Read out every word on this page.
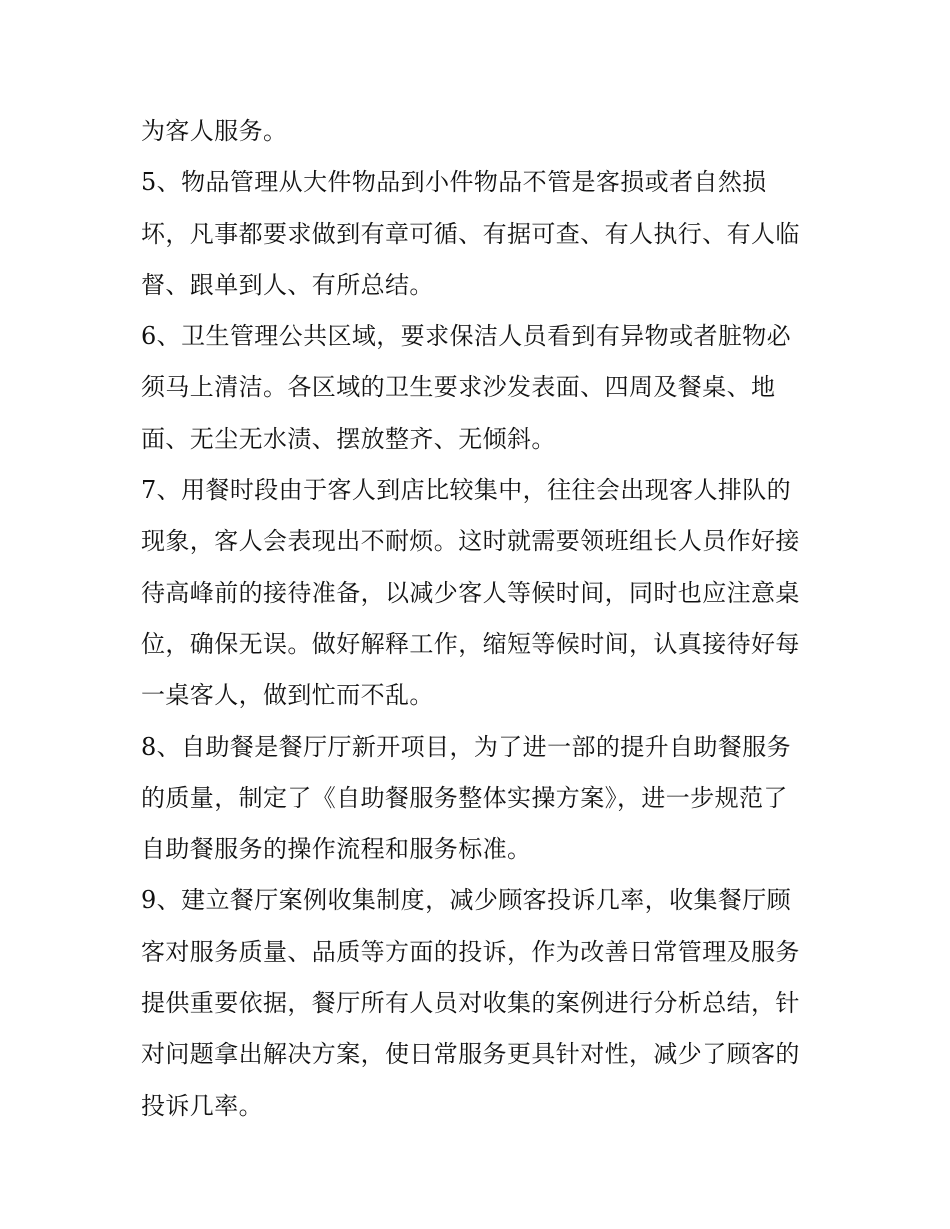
为客人服务。
5、物品管理从大件物品到小件物品不管是客损或者自然损
坏，凡事都要求做到有章可循、有据可查、有人执行、有人临
督、跟单到人、有所总结。
6、卫生管理公共区域，要求保洁人员看到有异物或者脏物必
须马上清洁。各区域的卫生要求沙发表面、四周及餐桌、地
面、无尘无水渍、摆放整齐、无倾斜。
7、用餐时段由于客人到店比较集中，往往会出现客人排队的
现象，客人会表现出不耐烦。这时就需要领班组长人员作好接
待高峰前的接待准备，以减少客人等候时间，同时也应注意桌
位，确保无误。做好解释工作，缩短等候时间，认真接待好每
一桌客人，做到忙而不乱。
8、自助餐是餐厅厅新开项目，为了进一部的提升自助餐服务
的质量，制定了《自助餐服务整体实操方案》，进一步规范了
自助餐服务的操作流程和服务标准。
9、建立餐厅案例收集制度，减少顾客投诉几率，收集餐厅顾
客对服务质量、品质等方面的投诉，作为改善日常管理及服务
提供重要依据，餐厅所有人员对收集的案例进行分析总结，针
对问题拿出解决方案，使日常服务更具针对性，减少了顾客的
投诉几率。
